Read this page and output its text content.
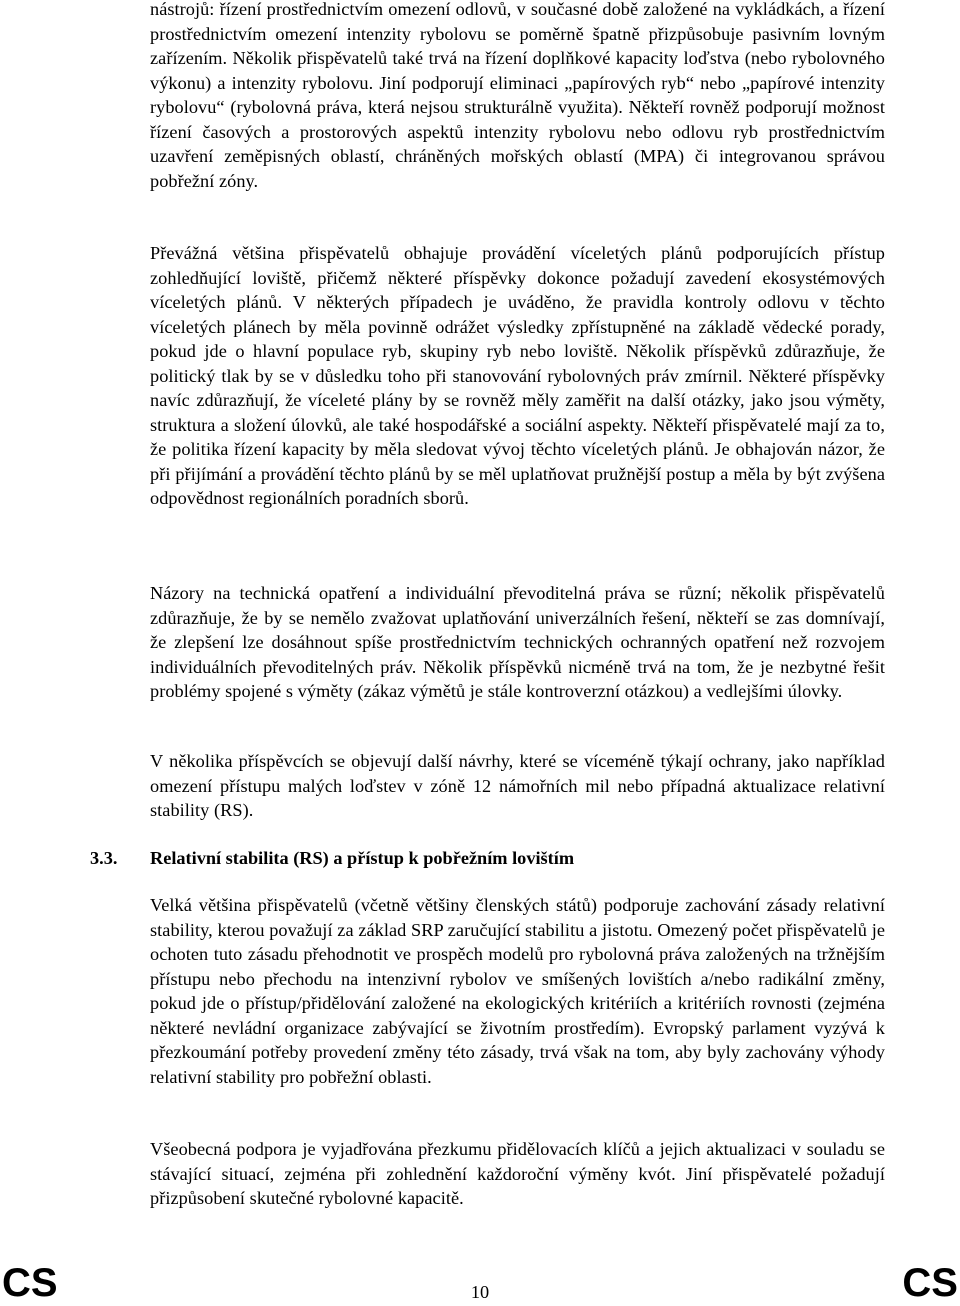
nástrojů: řízení prostřednictvím omezení odlovů, v současné době založené na vykládkách, a řízení prostřednictvím omezení intenzity rybolovu se poměrně špatně přizpůsobuje pasivním lovným zařízením. Několik přispěvatelů také trvá na řízení doplňkové kapacity loďstva (nebo rybolovného výkonu) a intenzity rybolovu. Jiní podporují eliminaci „papírových ryb“ nebo „papírové intenzity rybolovu“ (rybolovná práva, která nejsou strukturálně využita). Někteří rovněž podporují možnost řízení časových a prostorových aspektů intenzity rybolovu nebo odlovu ryb prostřednictvím uzavření zeměpisných oblastí, chráněných mořských oblastí (MPA) či integrovanou správou pobřežní zóny.

Převážná většina přispěvatelů obhajuje provádění víceletých plánů podporujících přístup zohledňující loviště, přičemž některé příspěvky dokonce požadují zavedení ekosystémových víceletých plánů. V některých případech je uváděno, že pravidla kontroly odlovu v těchto víceletých plánech by měla povinně odrážet výsledky zpřístupněné na základě vědecké porady, pokud jde o hlavní populace ryb, skupiny ryb nebo loviště. Několik příspěvků zdůrazňuje, že politický tlak by se v důsledku toho při stanovování rybolovných práv zmírnil. Některé příspěvky navíc zdůrazňují, že víceleté plány by se rovněž měly zaměřit na další otázky, jako jsou výměty, struktura a složení úlovků, ale také hospodářské a sociální aspekty. Někteří přispěvatelé mají za to, že politika řízení kapacity by měla sledovat vývoj těchto víceletých plánů. Je obhajován názor, že při přijímání a provádění těchto plánů by se měl uplatňovat pružnější postup a měla by být zvýšena odpovědnost regionálních poradních sborů.

Názory na technická opatření a individuální převoditelná práva se různí; několik přispěvatelů zdůrazňuje, že by se nemělo zvažovat uplatňování univerzálních řešení, někteří se zas domnívají, že zlepšení lze dosáhnout spíše prostřednictvím technických ochranných opatření než rozvojem individuálních převoditelných práv. Několik příspěvků nicméně trvá na tom, že je nezbytné řešit problémy spojené s výměty (zákaz výmětů je stále kontroverzní otázkou) a vedlejšími úlovky.

V několika příspěvcích se objevují další návrhy, které se víceméně týkají ochrany, jako například omezení přístupu malých loďstev v zóně 12 námořních mil nebo případná aktualizace relativní stability (RS).

3.3. Relativní stabilita (RS) a přístup k pobřežním lovištím

Velká většina přispěvatelů (včetně většiny členských států) podporuje zachování zásady relativní stability, kterou považují za základ SRP zaručující stabilitu a jistotu. Omezený počet přispěvatelů je ochoten tuto zásadu přehodnotit ve prospěch modelů pro rybolovná práva založených na tržnějším přístupu nebo přechodu na intenzivní rybolov ve smíšených lovištích a/nebo radikální změny, pokud jde o přístup/přidělování založené na ekologických kritériích a kritériích rovnosti (zejména některé nevládní organizace zabývající se životním prostředím). Evropský parlament vyzývá k přezkoumání potřeby provedení změny této zásady, trvá však na tom, aby byly zachovány výhody relativní stability pro pobřežní oblasti.

Všeobecná podpora je vyjadřována přezkumu přidělovacích klíčů a jejich aktualizaci v souladu se stávající situací, zejména při zohlednění každoroční výměny kvót. Jiní přispěvatelé požadují přizpůsobení skutečné rybolovné kapacitě.

CS	10	CS
